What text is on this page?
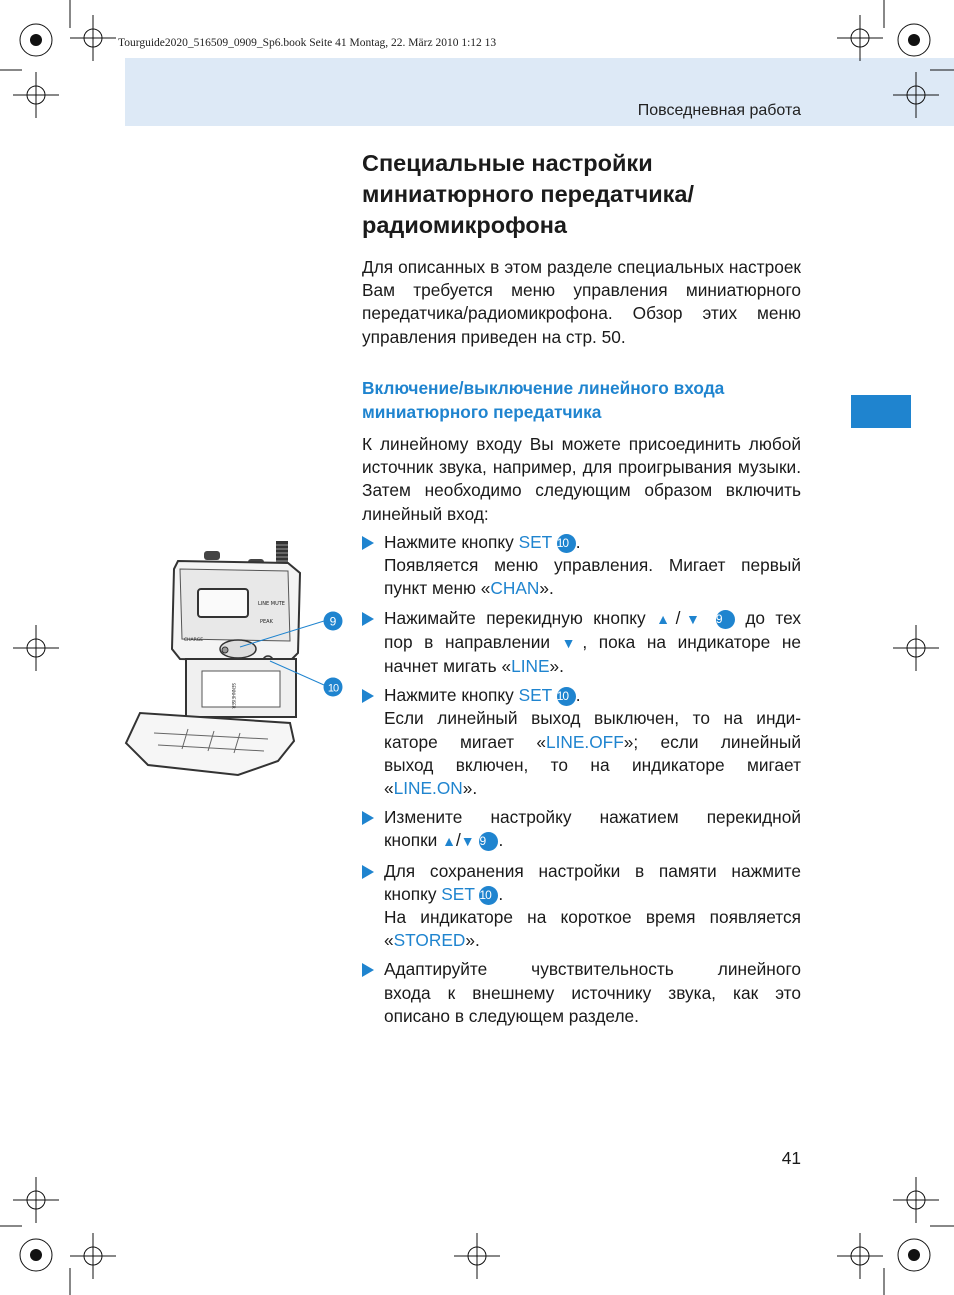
Tourguide2020_516509_0909_Sp6.book Seite 41 Montag, 22. März 2010 1:12 13
Повседневная работа
Специальные настройки миниатюрного передатчика/ радиомикрофона

Для описанных в этом разделе специальных настроек Вам требуется меню управления миниатюрного передатчика/радиомикрофона. Обзор этих меню управления приведен на стр. 50.

Включение/выключение линейного входа миниатюрного передатчика

К линейному входу Вы можете присоединить любой источник звука, например, для проигрывания музыки. Затем необходимо следующим образом включить линейный вход:

Нажмите кнопку SET 10 .
Появляется меню управления. Мигает первый
пункт меню «CHAN».
Нажимайте перекидную кнопку ▲/▼ 9 до тех
пор в направлении ▼, пока на индикаторе не
начнет мигать «LINE».
Нажмите кнопку SET 10 .
Если линейный выход выключен, то на инди-
каторе мигает «LINE.OFF»; если линейный
выход включен, то на индикаторе мигает
«LINE.ON».
Измените настройку нажатием перекидной
кнопки ▲/▼ 9 .
Для сохранения настройки в памяти нажмите
кнопку SET 10 .
На индикаторе на короткое время появляется
«STORED».
Адаптируйте чувствительность линейного
входа к внешнему источнику звука, как это
описано в следующем разделе.
LINE MUTE
PEAK
CHARGE
SENNHEISER
9
10
41
